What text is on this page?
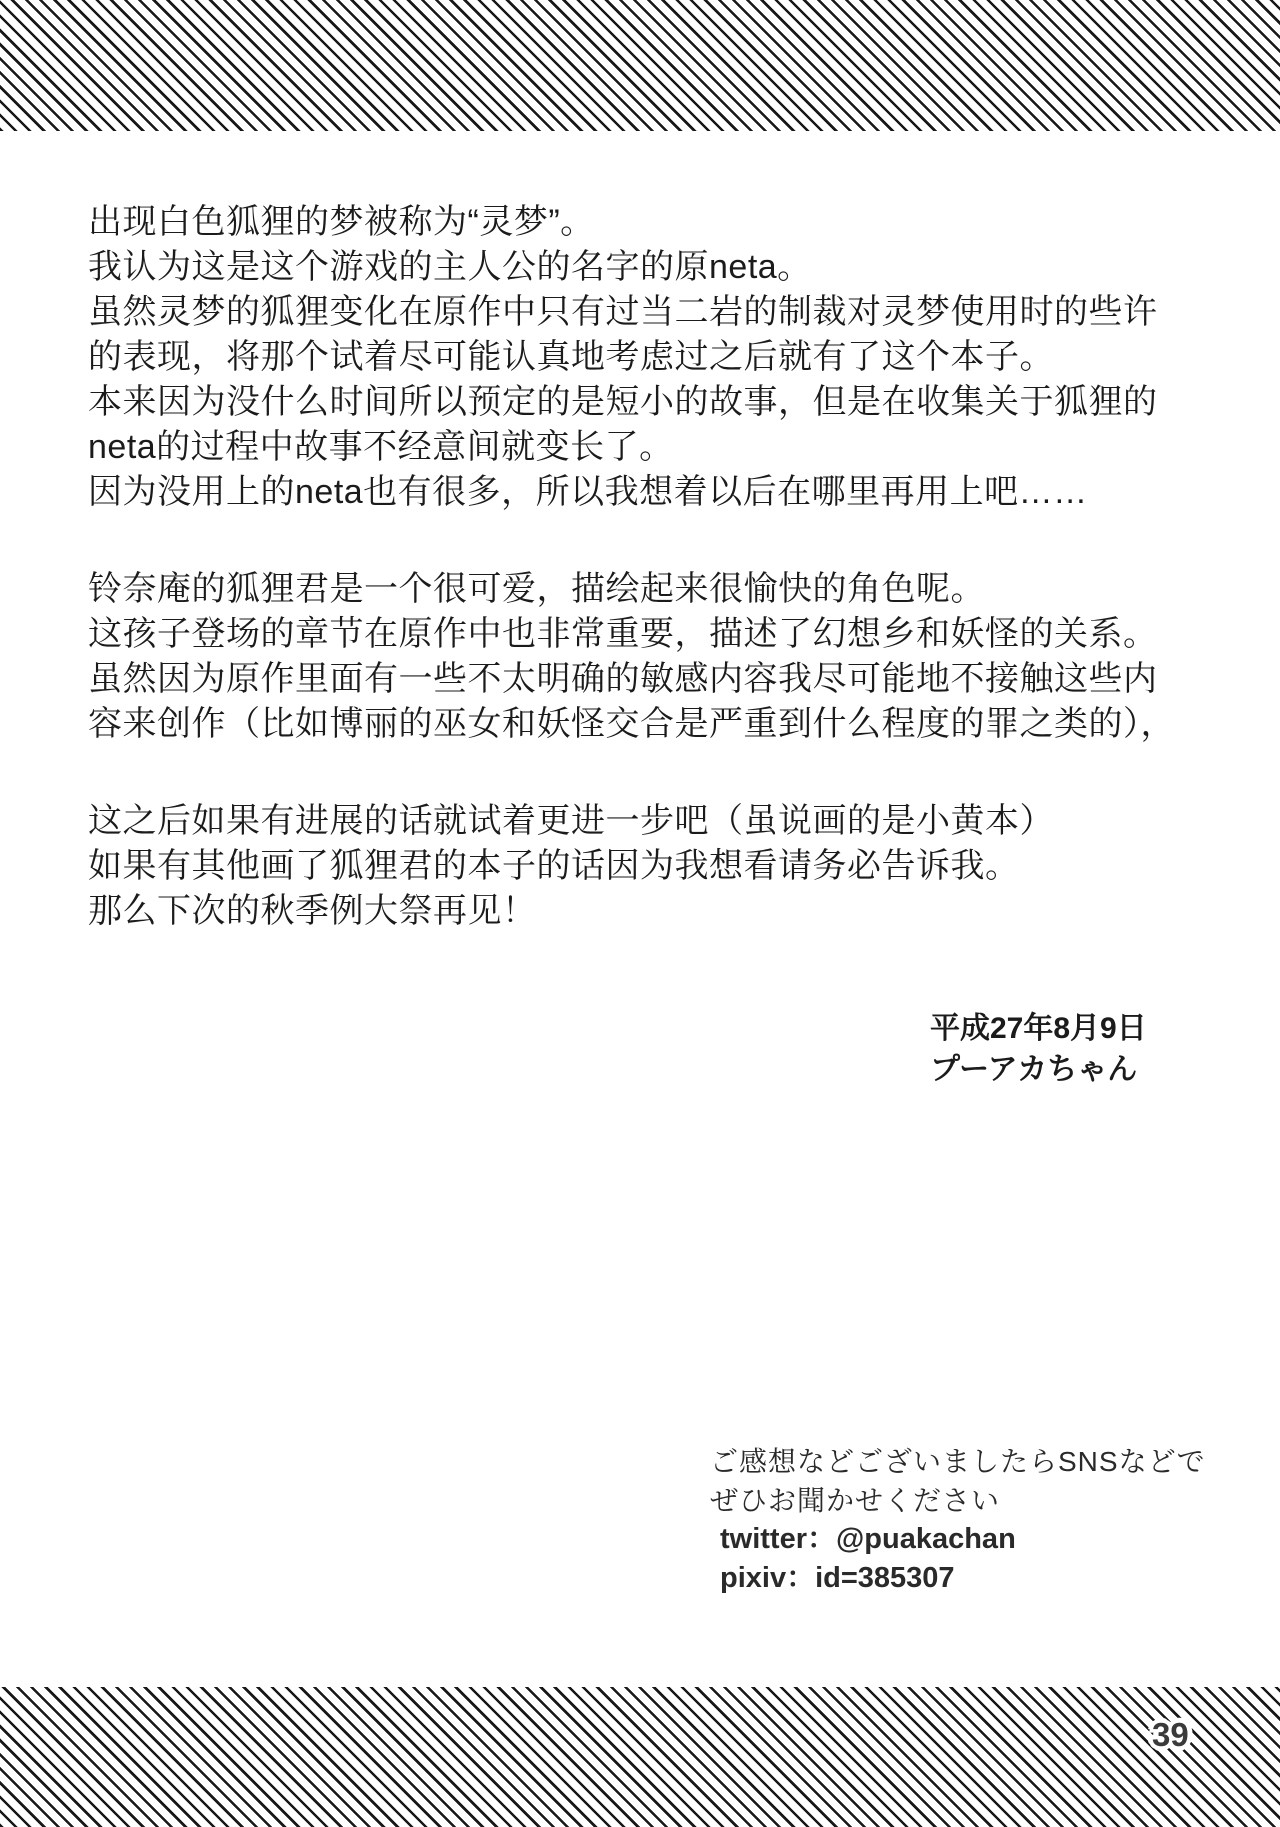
出现白色狐狸的梦被称为“灵梦”。
我认为这是这个游戏的主人公的名字的原neta。
虽然灵梦的狐狸变化在原作中只有过当二岩的制裁对灵梦使用时的些许
的表现，将那个试着尽可能认真地考虑过之后就有了这个本子。
本来因为没什么时间所以预定的是短小的故事，但是在收集关于狐狸的
neta的过程中故事不经意间就变长了。
因为没用上的neta也有很多，所以我想着以后在哪里再用上吧……
铃奈庵的狐狸君是一个很可爱，描绘起来很愉快的角色呢。
这孩子登场的章节在原作中也非常重要，描述了幻想乡和妖怪的关系。
虽然因为原作里面有一些不太明确的敏感内容我尽可能地不接触这些内
容来创作（比如博丽的巫女和妖怪交合是严重到什么程度的罪之类的），
这之后如果有进展的话就试着更进一步吧（虽说画的是小黄本）
如果有其他画了狐狸君的本子的话因为我想看请务必告诉我。
那么下次的秋季例大祭再见！
平成27年8月9日
プーアカちゃん
ご感想などございましたらSNSなどで
ぜひお聞かせください
twitter：@puakachan
pixiv：id=385307
39
